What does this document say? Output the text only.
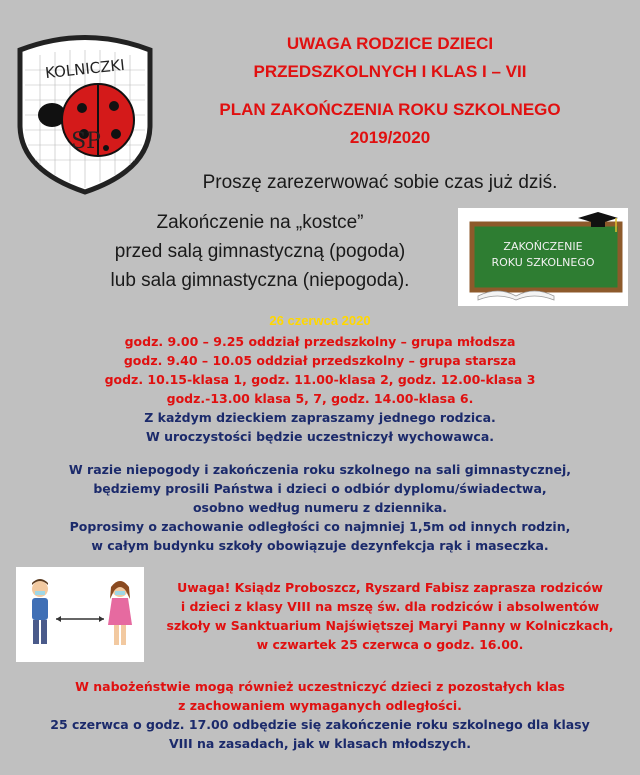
KOLNICZKI
SP
UWAGA RODZICE DZIECI
PRZEDSZKOLNYCH I KLAS I – VII
PLAN ZAKOŃCZENIA ROKU SZKOLNEGO
2019/2020
Proszę zarezerwować sobie czas już dziś.
Zakończenie na „kostce”
przed salą gimnastyczną (pogoda)
lub sala gimnastyczna (niepogoda).
ZAKOŃCZENIE
ROKU SZKOLNEGO
26 czerwca 2020
godz. 9.00 – 9.25 oddział przedszkolny – grupa młodsza
godz. 9.40 – 10.05 oddział przedszkolny – grupa starsza
godz. 10.15-klasa 1, godz. 11.00-klasa 2, godz. 12.00-klasa 3
godz.-13.00 klasa 5, 7, godz. 14.00-klasa 6.
Z każdym dzieckiem zapraszamy jednego rodzica.
W uroczystości będzie uczestniczył wychowawca.
W razie niepogody i zakończenia roku szkolnego na sali gimnastycznej,
będziemy prosili Państwa i dzieci o odbiór dyplomu/świadectwa,
osobno według numeru z dziennika.
Poprosimy o zachowanie odległości co najmniej 1,5m od innych rodzin,
w całym budynku szkoły obowiązuje dezynfekcja rąk i maseczka.
Uwaga! Ksiądz Proboszcz, Ryszard Fabisz zaprasza rodziców
i dzieci z klasy VIII na mszę św. dla rodziców i absolwentów
szkoły w Sanktuarium Najświętszej Maryi Panny w Kolniczkach,
w czwartek 25 czerwca o godz. 16.00.
W nabożeństwie mogą również uczestniczyć dzieci z pozostałych klas
z zachowaniem wymaganych odległości.
25 czerwca o godz. 17.00 odbędzie się zakończenie roku szkolnego dla klasy
VIII na zasadach, jak w klasach młodszych.
